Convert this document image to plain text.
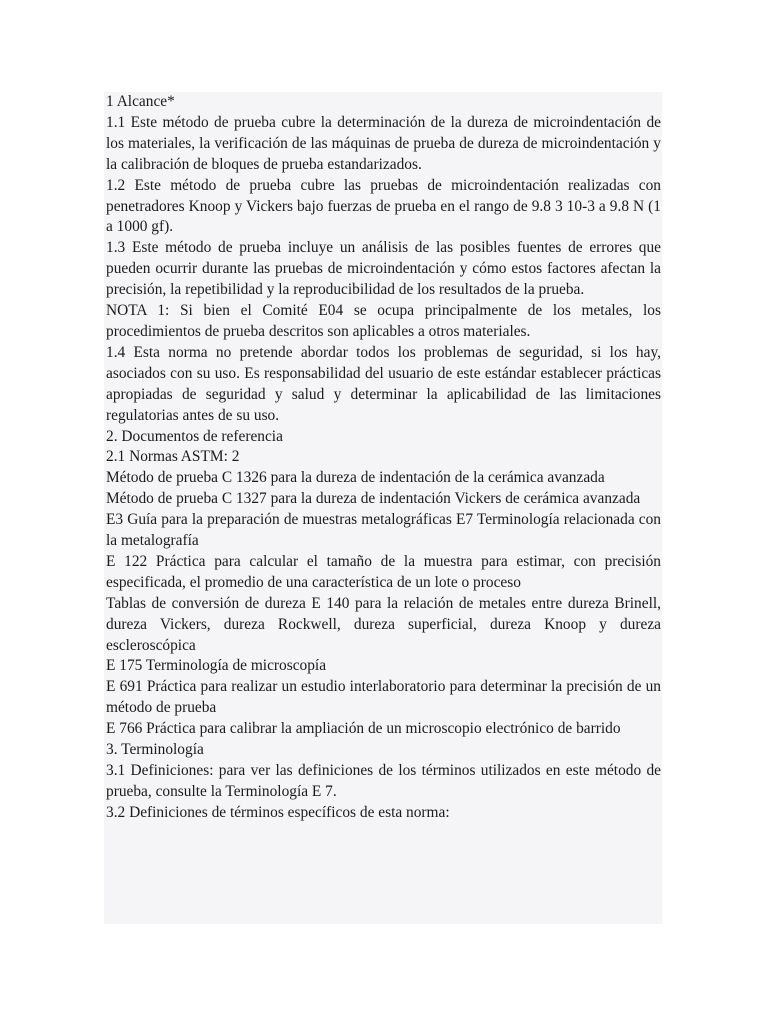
1 Alcance*

1.1 Este método de prueba cubre la determinación de la dureza de microindentación de los materiales, la verificación de las máquinas de prueba de dureza de microindentación y la calibración de bloques de prueba estandarizados.

1.2 Este método de prueba cubre las pruebas de microindentación realizadas con penetradores Knoop y Vickers bajo fuerzas de prueba en el rango de 9.8 3 10-3 a 9.8 N (1 a 1000 gf).

1.3 Este método de prueba incluye un análisis de las posibles fuentes de errores que pueden ocurrir durante las pruebas de microindentación y cómo estos factores afectan la precisión, la repetibilidad y la reproducibilidad de los resultados de la prueba.

NOTA 1: Si bien el Comité E04 se ocupa principalmente de los metales, los procedimientos de prueba descritos son aplicables a otros materiales.

1.4 Esta norma no pretende abordar todos los problemas de seguridad, si los hay, asociados con su uso. Es responsabilidad del usuario de este estándar establecer prácticas apropiadas de seguridad y salud y determinar la aplicabilidad de las limitaciones regulatorias antes de su uso.

2. Documentos de referencia

2.1 Normas ASTM: 2

Método de prueba C 1326 para la dureza de indentación de la cerámica avanzada

Método de prueba C 1327 para la dureza de indentación Vickers de cerámica avanzada

E3 Guía para la preparación de muestras metalográficas E7 Terminología relacionada con la metalografía

E 122 Práctica para calcular el tamaño de la muestra para estimar, con precisión especificada, el promedio de una característica de un lote o proceso

Tablas de conversión de dureza E 140 para la relación de metales entre dureza Brinell, dureza Vickers, dureza Rockwell, dureza superficial, dureza Knoop y dureza escleroscópica

E 175 Terminología de microscopía

E 691 Práctica para realizar un estudio interlaboratorio para determinar la precisión de un método de prueba

E 766 Práctica para calibrar la ampliación de un microscopio electrónico de barrido

3. Terminología

3.1 Definiciones: para ver las definiciones de los términos utilizados en este método de prueba, consulte la Terminología E 7.

3.2 Definiciones de términos específicos de esta norma:
